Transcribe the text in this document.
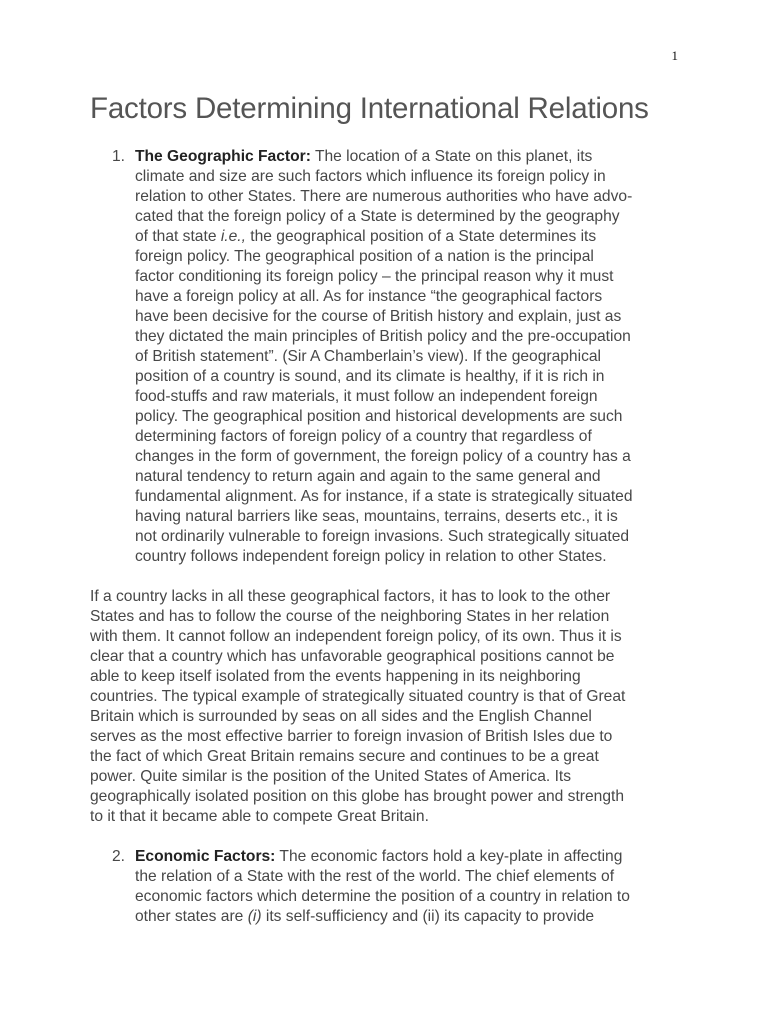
1
Factors Determining International Relations
1. The Geographic Factor: The location of a State on this planet, its
climate and size are such factors which influence its foreign policy in
relation to other States. There are numerous authorities who have advo-
cated that the foreign policy of a State is determined by the geography
of that state i.e., the geographical position of a State determines its
foreign policy. The geographical position of a nation is the principal
factor conditioning its foreign policy – the principal reason why it must
have a foreign policy at all. As for instance “the geographical factors
have been decisive for the course of British history and explain, just as
they dictated the main principles of British policy and the pre-occupation
of British statement”. (Sir A Chamberlain’s view). If the geographical
position of a country is sound, and its climate is healthy, if it is rich in
food-stuffs and raw materials, it must follow an independent foreign
policy. The geographical position and historical developments are such
determining factors of foreign policy of a country that regardless of
changes in the form of government, the foreign policy of a country has a
natural tendency to return again and again to the same general and
fundamental alignment. As for instance, if a state is strategically situated
having natural barriers like seas, mountains, terrains, deserts etc., it is
not ordinarily vulnerable to foreign invasions. Such strategically situated
country follows independent foreign policy in relation to other States.
If a country lacks in all these geographical factors, it has to look to the other
States and has to follow the course of the neighboring States in her relation
with them. It cannot follow an independent foreign policy, of its own. Thus it is
clear that a country which has unfavorable geographical positions cannot be
able to keep itself isolated from the events happening in its neighboring
countries. The typical example of strategically situated country is that of Great
Britain which is surrounded by seas on all sides and the English Channel
serves as the most effective barrier to foreign invasion of British Isles due to
the fact of which Great Britain remains secure and continues to be a great
power. Quite similar is the position of the United States of America. Its
geographically isolated position on this globe has brought power and strength
to it that it became able to compete Great Britain.
2. Economic Factors: The economic factors hold a key-plate in affecting
the relation of a State with the rest of the world. The chief elements of
economic factors which determine the position of a country in relation to
other states are (i) its self-sufficiency and (ii) its capacity to provide
